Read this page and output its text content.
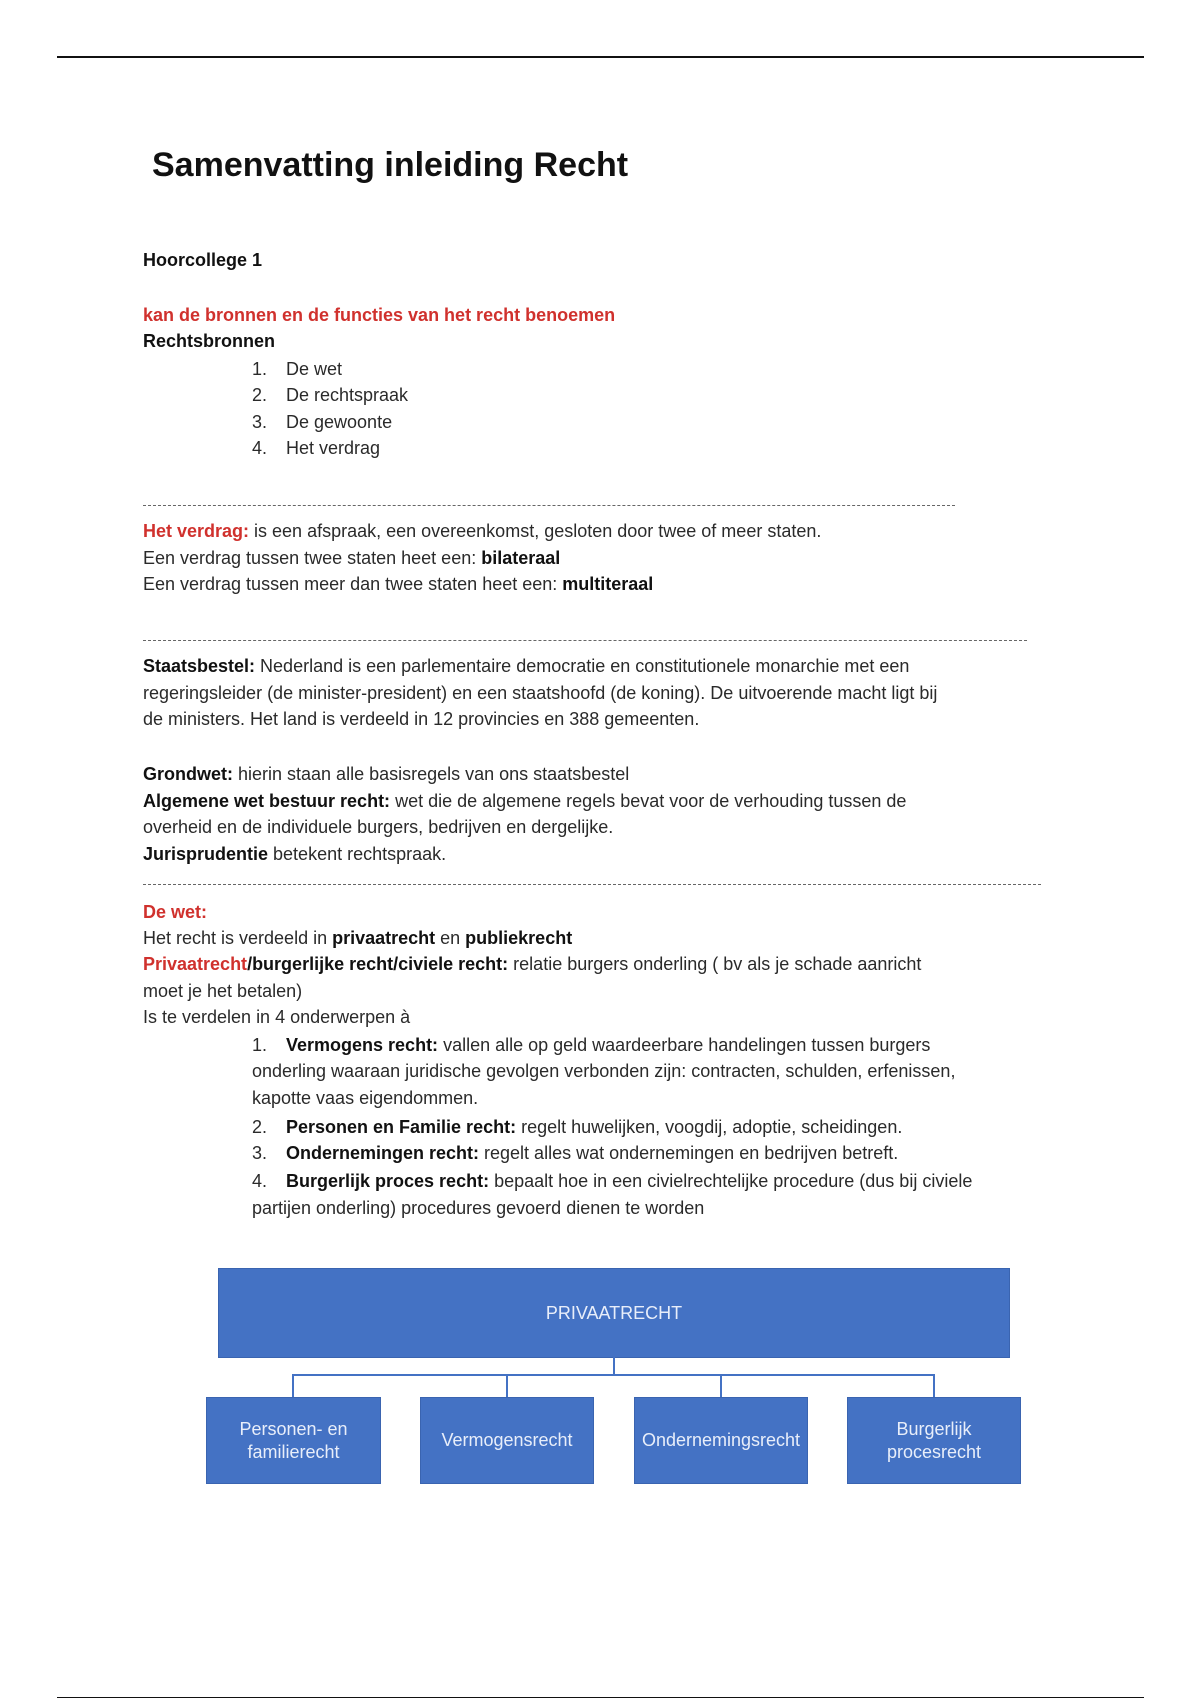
Samenvatting inleiding Recht
Hoorcollege 1
kan de bronnen en de functies van het recht benoemen
Rechtsbronnen
1. De wet
2. De rechtspraak
3. De gewoonte
4. Het verdrag
Het verdrag: is een afspraak, een overeenkomst, gesloten door twee of meer staten.
Een verdrag tussen twee staten heet een: bilateraal
Een verdrag tussen meer dan twee staten heet een: multiteraal
Staatsbestel: Nederland is een parlementaire democratie en constitutionele monarchie met een
regeringsleider (de minister-president) en een staatshoofd (de koning). De uitvoerende macht ligt bij
de ministers. Het land is verdeeld in 12 provincies en 388 gemeenten.
Grondwet: hierin staan alle basisregels van ons staatsbestel
Algemene wet bestuur recht: wet die de algemene regels bevat voor de verhouding tussen de
overheid en de individuele burgers, bedrijven en dergelijke.
Jurisprudentie betekent rechtspraak.
De wet:
Het recht is verdeeld in privaatrecht en publiekrecht
Privaatrecht/burgerlijke recht/civiele recht: relatie burgers onderling ( bv als je schade aanricht
moet je het betalen)
Is te verdelen in 4 onderwerpen à
1. Vermogens recht: vallen alle op geld waardeerbare handelingen tussen burgers
onderling waaraan juridische gevolgen verbonden zijn: contracten, schulden, erfenissen,
kapotte vaas eigendommen.
2. Personen en Familie recht: regelt huwelijken, voogdij, adoptie, scheidingen.
3. Ondernemingen recht: regelt alles wat ondernemingen en bedrijven betreft.
4. Burgerlijk proces recht: bepaalt hoe in een civielrechtelijke procedure (dus bij civiele
partijen onderling) procedures gevoerd dienen te worden
PRIVAATRECHT
Personen- en familierecht
Vermogensrecht	Ondernemingsrecht
Burgerlijk procesrecht
